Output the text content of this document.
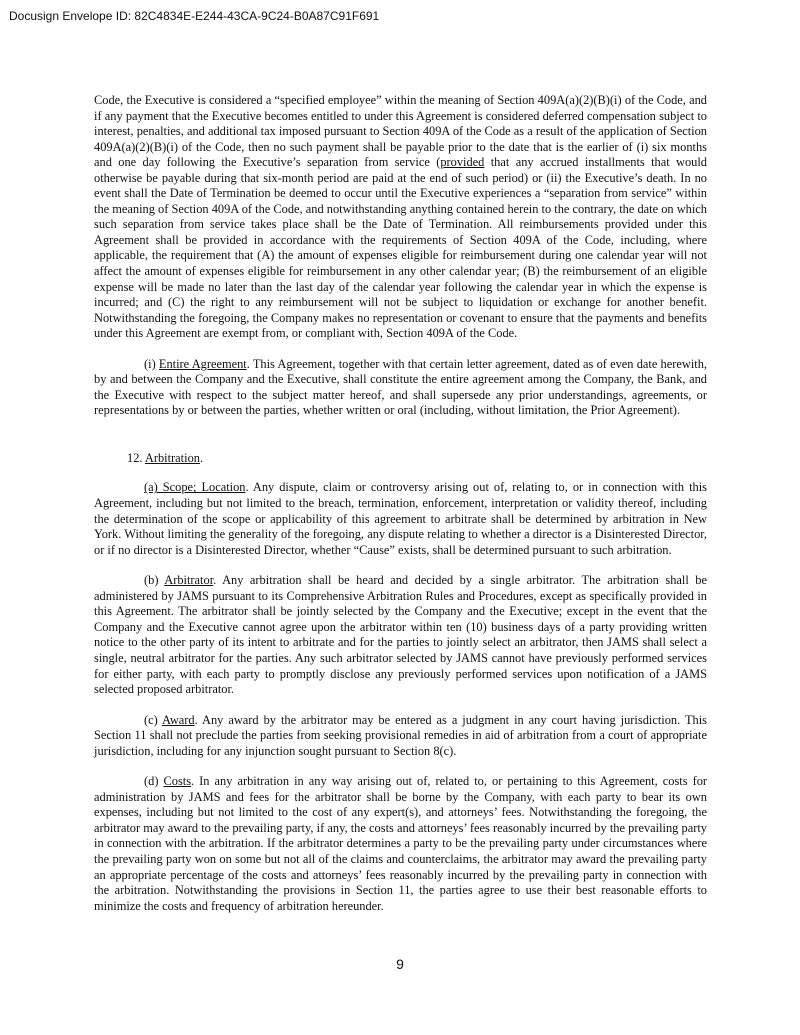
Docusign Envelope ID: 82C4834E-E244-43CA-9C24-B0A87C91F691

Code, the Executive is considered a “specified employee” within the meaning of Section 409A(a)(2)(B)(i) of the Code, and if any payment that the Executive becomes entitled to under this Agreement is considered deferred compensation subject to interest, penalties, and additional tax imposed pursuant to Section 409A of the Code as a result of the application of Section 409A(a)(2)(B)(i) of the Code, then no such payment shall be payable prior to the date that is the earlier of (i) six months and one day following the Executive’s separation from service (provided that any accrued installments that would otherwise be payable during that six-month period are paid at the end of such period) or (ii) the Executive’s death. In no event shall the Date of Termination be deemed to occur until the Executive experiences a “separation from service” within the meaning of Section 409A of the Code, and notwithstanding anything contained herein to the contrary, the date on which such separation from service takes place shall be the Date of Termination. All reimbursements provided under this Agreement shall be provided in accordance with the requirements of Section 409A of the Code, including, where applicable, the requirement that (A) the amount of expenses eligible for reimbursement during one calendar year will not affect the amount of expenses eligible for reimbursement in any other calendar year; (B) the reimbursement of an eligible expense will be made no later than the last day of the calendar year following the calendar year in which the expense is incurred; and (C) the right to any reimbursement will not be subject to liquidation or exchange for another benefit. Notwithstanding the foregoing, the Company makes no representation or covenant to ensure that the payments and benefits under this Agreement are exempt from, or compliant with, Section 409A of the Code.

(i) Entire Agreement. This Agreement, together with that certain letter agreement, dated as of even date herewith, by and between the Company and the Executive, shall constitute the entire agreement among the Company, the Bank, and the Executive with respect to the subject matter hereof, and shall supersede any prior understandings, agreements, or representations by or between the parties, whether written or oral (including, without limitation, the Prior Agreement).

12. Arbitration.

(a) Scope; Location. Any dispute, claim or controversy arising out of, relating to, or in connection with this Agreement, including but not limited to the breach, termination, enforcement, interpretation or validity thereof, including the determination of the scope or applicability of this agreement to arbitrate shall be determined by arbitration in New York. Without limiting the generality of the foregoing, any dispute relating to whether a director is a Disinterested Director, or if no director is a Disinterested Director, whether “Cause” exists, shall be determined pursuant to such arbitration.

(b) Arbitrator. Any arbitration shall be heard and decided by a single arbitrator. The arbitration shall be administered by JAMS pursuant to its Comprehensive Arbitration Rules and Procedures, except as specifically provided in this Agreement. The arbitrator shall be jointly selected by the Company and the Executive; except in the event that the Company and the Executive cannot agree upon the arbitrator within ten (10) business days of a party providing written notice to the other party of its intent to arbitrate and for the parties to jointly select an arbitrator, then JAMS shall select a single, neutral arbitrator for the parties. Any such arbitrator selected by JAMS cannot have previously performed services for either party, with each party to promptly disclose any previously performed services upon notification of a JAMS selected proposed arbitrator.

(c) Award. Any award by the arbitrator may be entered as a judgment in any court having jurisdiction. This Section 11 shall not preclude the parties from seeking provisional remedies in aid of arbitration from a court of appropriate jurisdiction, including for any injunction sought pursuant to Section 8(c).

(d) Costs. In any arbitration in any way arising out of, related to, or pertaining to this Agreement, costs for administration by JAMS and fees for the arbitrator shall be borne by the Company, with each party to bear its own expenses, including but not limited to the cost of any expert(s), and attorneys’ fees. Notwithstanding the foregoing, the arbitrator may award to the prevailing party, if any, the costs and attorneys’ fees reasonably incurred by the prevailing party in connection with the arbitration. If the arbitrator determines a party to be the prevailing party under circumstances where the prevailing party won on some but not all of the claims and counterclaims, the arbitrator may award the prevailing party an appropriate percentage of the costs and attorneys’ fees reasonably incurred by the prevailing party in connection with the arbitration. Notwithstanding the provisions in Section 11, the parties agree to use their best reasonable efforts to minimize the costs and frequency of arbitration hereunder.

9
